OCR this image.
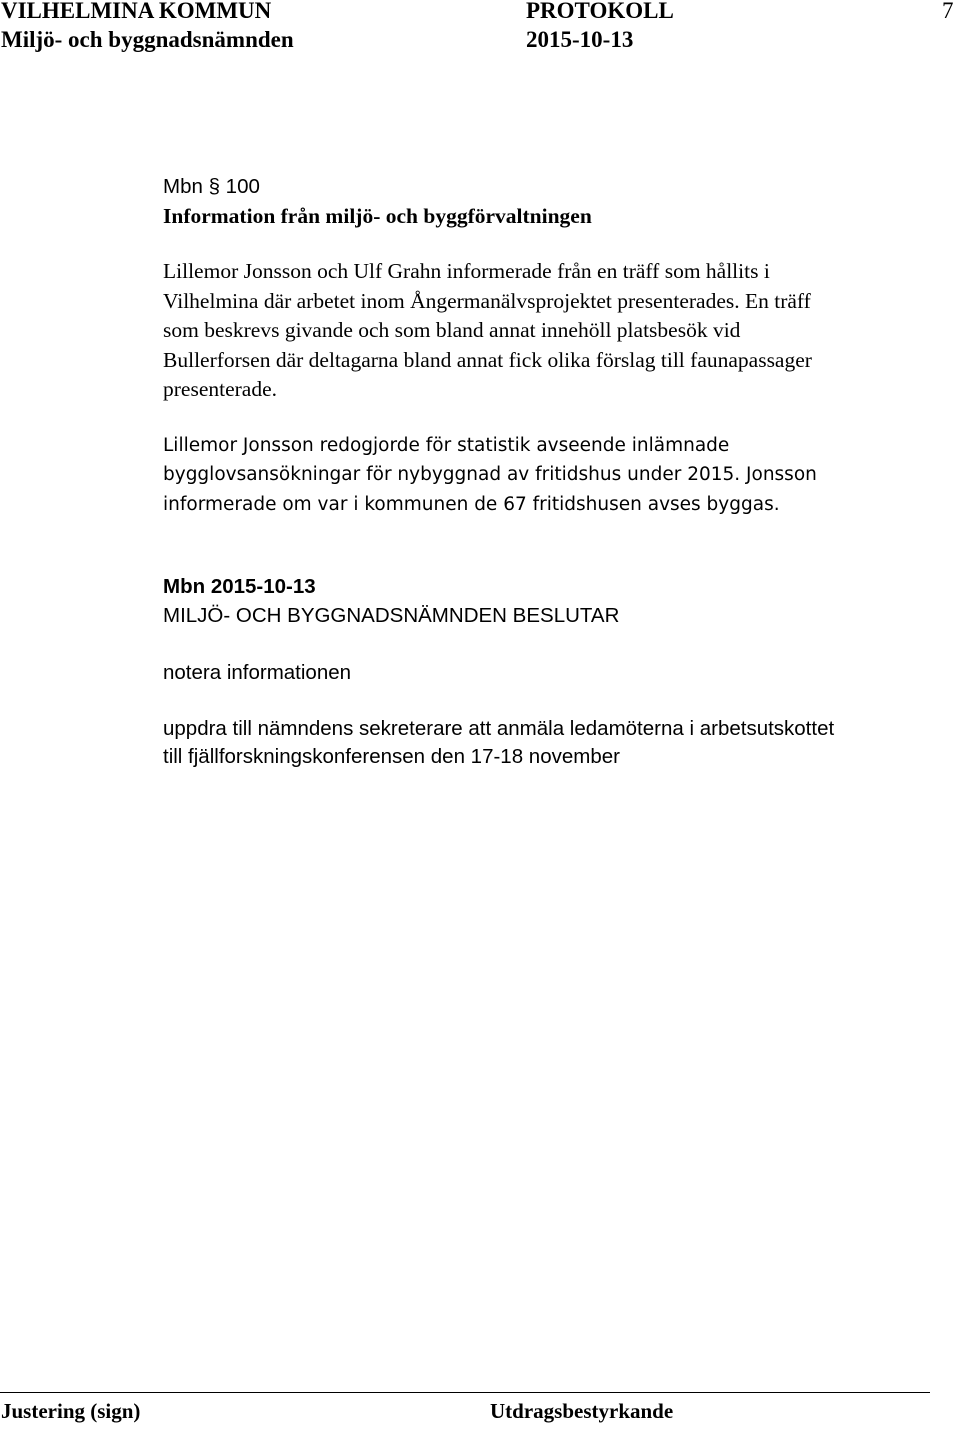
VILHELMINA KOMMUN
Miljö- och byggnadsnämnden
PROTOKOLL
2015-10-13
7
Mbn § 100
Information från miljö- och byggförvaltningen

Lillemor Jonsson och Ulf Grahn informerade från en träff som hållits i

Vilhelmina där arbetet inom Ångermanälvsprojektet presenterades. En träff

som beskrevs givande och som bland annat innehöll platsbesök vid

Bullerforsen där deltagarna bland annat fick olika förslag till faunapassager

presenterade.

Lillemor Jonsson redogjorde för statistik avseende inlämnade

bygglovsansökningar för nybyggnad av fritidshus under 2015. Jonsson

informerade om var i kommunen de 67 fritidshusen avses byggas.

Mbn 2015-10-13
MILJÖ- OCH BYGGNADSNÄMNDEN BESLUTAR
notera informationen

uppdra till nämndens sekreterare att anmäla ledamöterna i arbetsutskottet

till fjällforskningskonferensen den 17-18 november

Justering (sign)	Utdragsbestyrkande
